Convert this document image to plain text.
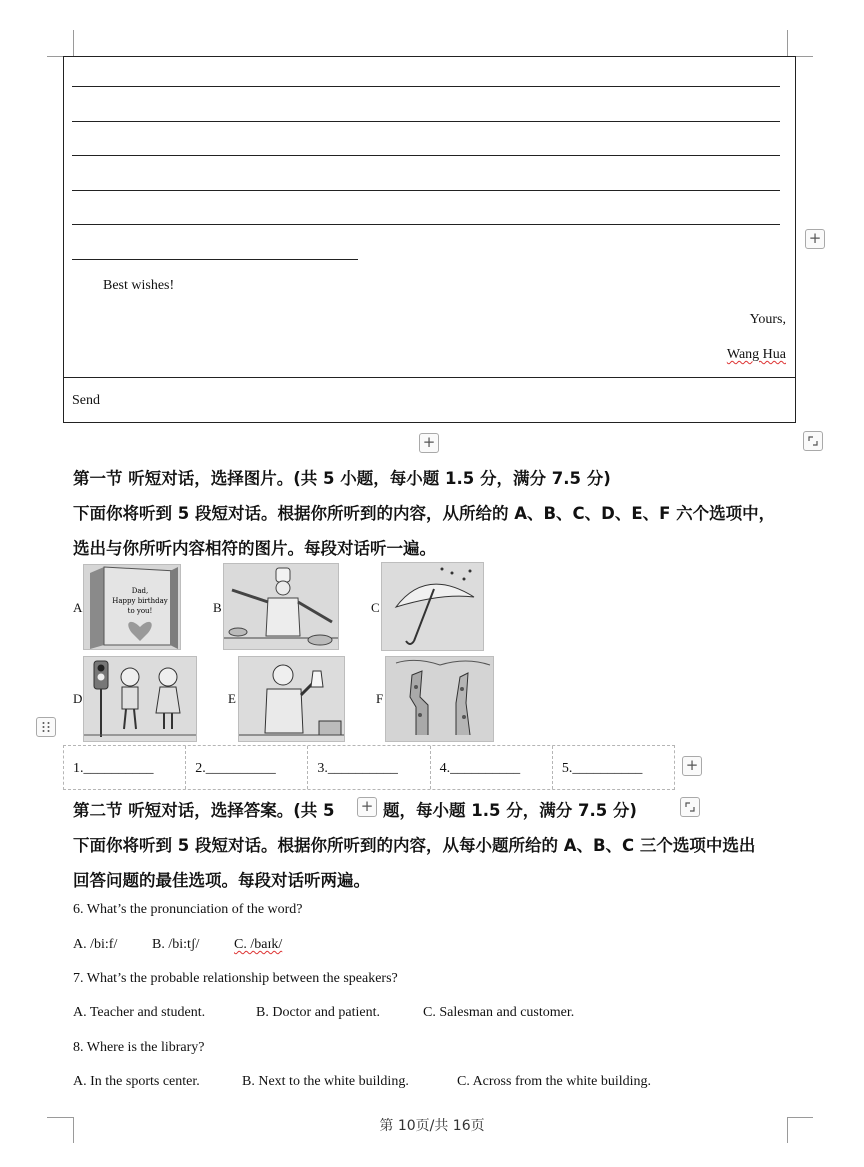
Best wishes!
Yours,
Wang Hua
Send
+
+
第一节 听短对话，选择图片。(共 5 小题，每小题 1.5 分，满分 7.5 分)
下面你将听到 5 段短对话。根据你所听到的内容，从所给的 A、B、C、D、E、F 六个选项中，
选出与你所听内容相符的图片。每段对话听一遍。
A
Dad,
Happy birthday
to you!	B	C
D	E	F
1.__________	2.__________	3.__________	4.__________	5.__________	+
第二节 听短对话，选择答案。(共 5	题，每小题 1.5 分，满分 7.5 分)
+
下面你将听到 5 段短对话。根据你所听到的内容，从每小题所给的 A、B、C 三个选项中选出
回答问题的最佳选项。每段对话听两遍。
6. What’s the pronunciation of the word?
A. /bi:f/ B. /bi:tʃ/ C. /baɪk/
7. What’s the probable relationship between the speakers?
A. Teacher and student.	B. Doctor and patient.	C. Salesman and customer.
8. Where is the library?
A. In the sports center.	B. Next to the white building.	C. Across from the white building.
第 10页/共 16页
